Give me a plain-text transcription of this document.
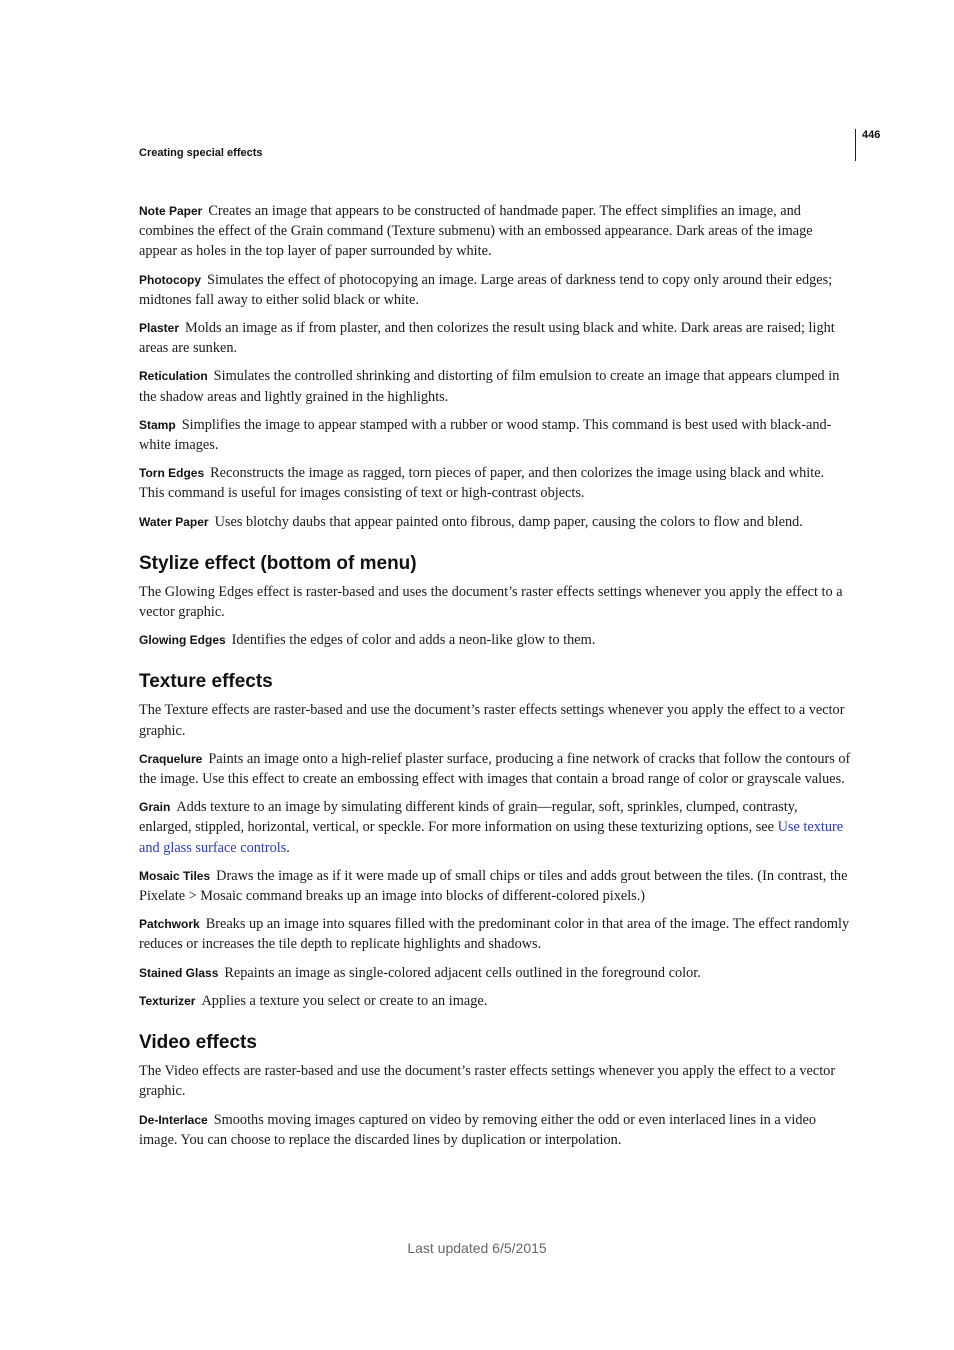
Creating special effects
446

Note Paper Creates an image that appears to be constructed of handmade paper. The effect simplifies an image, and combines the effect of the Grain command (Texture submenu) with an embossed appearance. Dark areas of the image appear as holes in the top layer of paper surrounded by white.

Photocopy Simulates the effect of photocopying an image. Large areas of darkness tend to copy only around their edges; midtones fall away to either solid black or white.

Plaster Molds an image as if from plaster, and then colorizes the result using black and white. Dark areas are raised; light areas are sunken.

Reticulation Simulates the controlled shrinking and distorting of film emulsion to create an image that appears clumped in the shadow areas and lightly grained in the highlights.

Stamp Simplifies the image to appear stamped with a rubber or wood stamp. This command is best used with black-and-white images.

Torn Edges Reconstructs the image as ragged, torn pieces of paper, and then colorizes the image using black and white. This command is useful for images consisting of text or high-contrast objects.

Water Paper Uses blotchy daubs that appear painted onto fibrous, damp paper, causing the colors to flow and blend.

Stylize effect (bottom of menu)

The Glowing Edges effect is raster-based and uses the document’s raster effects settings whenever you apply the effect to a vector graphic.

Glowing Edges Identifies the edges of color and adds a neon-like glow to them.

Texture effects

The Texture effects are raster-based and use the document’s raster effects settings whenever you apply the effect to a vector graphic.

Craquelure Paints an image onto a high-relief plaster surface, producing a fine network of cracks that follow the contours of the image. Use this effect to create an embossing effect with images that contain a broad range of color or grayscale values.

Grain Adds texture to an image by simulating different kinds of grain—regular, soft, sprinkles, clumped, contrasty, enlarged, stippled, horizontal, vertical, or speckle. For more information on using these texturizing options, see Use texture and glass surface controls.

Mosaic Tiles Draws the image as if it were made up of small chips or tiles and adds grout between the tiles. (In contrast, the Pixelate > Mosaic command breaks up an image into blocks of different-colored pixels.)

Patchwork Breaks up an image into squares filled with the predominant color in that area of the image. The effect randomly reduces or increases the tile depth to replicate highlights and shadows.

Stained Glass Repaints an image as single-colored adjacent cells outlined in the foreground color.

Texturizer Applies a texture you select or create to an image.

Video effects

The Video effects are raster-based and use the document’s raster effects settings whenever you apply the effect to a vector graphic.

De-Interlace Smooths moving images captured on video by removing either the odd or even interlaced lines in a video image. You can choose to replace the discarded lines by duplication or interpolation.

Last updated 6/5/2015
